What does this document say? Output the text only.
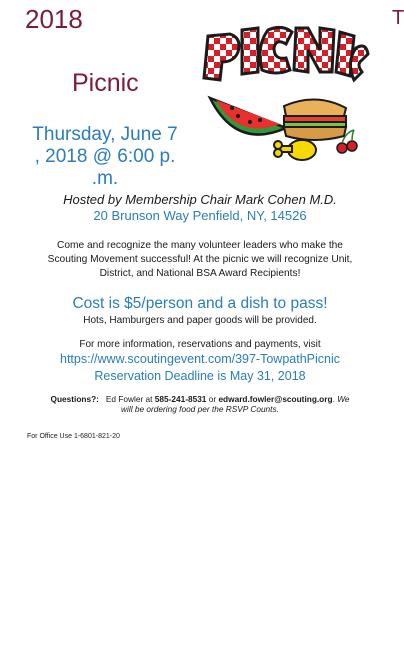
2018	T
Picnic
Thursday, June 7
, 2018 @ 6:00 p.
.m.
Hosted by Membership Chair Mark Cohen M.D.
20 Brunson Way Penfield, NY, 14526
Come and recognize the many volunteer leaders who make the
Scouting Movement successful! At the picnic we will recognize Unit,
District, and National BSA Award Recipients!
Cost is $5/person and a dish to pass!
Hots, Hamburgers and paper goods will be provided.
For more information, reservations and payments, visit
https://www.scoutingevent.com/397-TowpathPicnic
Reservation Deadline is May 31, 2018
Questions?: Ed Fowler at 585-241-8531 or edward.fowler@scouting.org. We
will be ordering food per the RSVP Counts.
For Office Use 1-6801-821-20
